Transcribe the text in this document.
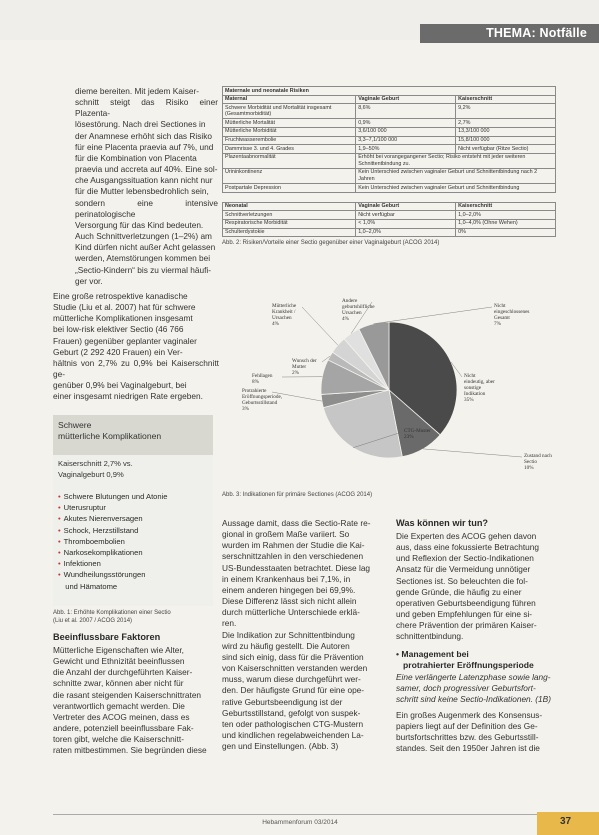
THEMA: Notfälle

dieme bereiten. Mit jedem Kaiser-

schnitt steigt das Risiko einer Plazenta-

lösestörung. Nach drei Sectiones in

der Anamnese erhöht sich das Risiko

für eine Placenta praevia auf 7%, und

für die Kombination von Placenta

praevia und accreta auf 40%. Eine sol-

che Ausgangssituation kann nicht nur

für die Mutter lebensbedrohlich sein,

sondern eine intensive perinatologische

Versorgung für das Kind bedeuten.

Auch Schnittverletzungen (1–2%) am

Kind dürfen nicht außer Acht gelassen

werden, Atemstörungen kommen bei

„Sectio-Kindern“ bis zu viermal häufi-

ger vor.

Maternale und neonatale Risiken		
Maternal	Vaginale Geburt	Kaiserschnitt
Schwere Morbidität und Mortalität insgesamt (Gesamtmorbidität)	8,6%	9,2%
Mütterliche Mortalität	0,9%	2,7%
Mütterliche Morbidität	3,6/100 000	13,3/100 000
Fruchtwasserembolie	3,3–7,1/100 000	15,8/100 000
Dammrisse 3. und 4. Grades	1,9–50%	Nicht verfügbar (Ritze Sectio)
Plazentaabnormalität	Erhöht bei vorangegangener Sectio; Risiko entsteht mit jeder weiteren Schnittentbindung zu.	
Urininkontinenz	Kein Unterschied zwischen vaginaler Geburt und Schnittentbindung nach 2 Jahren	
Postpartale Depression	Kein Unterschied zwischen vaginaler Geburt und Schnittentbindung	

Neonatal	Vaginale Geburt	Kaiserschnitt
Schnittverletzungen	Nicht verfügbar	1,0–2,0%
Respiratorische Morbidität	< 1,0%	1,0–4,0% (Ohne Wehen)
Schulterdystokie	1,0–2,0%	0%
Abb. 2: Risiken/Vorteile einer Sectio gegenüber einer Vaginalgeburt (ACOG 2014)

Eine große retrospektive kanadische

Studie (Liu et al. 2007) hat für schwere

mütterliche Komplikationen insgesamt

bei low-risk elektiver Sectio (46 766

Frauen) gegenüber geplanter vaginaler

Geburt (2 292 420 Frauen) ein Ver-

hältnis von 2,7% zu 0,9% bei Kaiserschnitt ge-

genüber 0,9% bei Vaginalgeburt, bei

einer insgesamt niedrigen Rate ergeben.

Nicht eindeutig, aber sonstige Indikation 35%
Zustand nach Sectio 10%
CTG-Muster 23%
Protrahierte Eröffnungsperiode, Geburtsstillstand 3%
Fehllagen 8%
Wunsch der Mutter 2%
Mütterliche Krankheit / Ursachen 4%
Andere geburtshilfliche Ursachen 4%
Nicht eingeschlossenes Gesamt 7%
Abb. 3: Indikationen für primäre Sectiones (ACOG 2014)
Schwere
mütterliche Komplikationen
Kaiserschnitt 2,7% vs.
Vaginalgeburt 0,9%
• Schwere Blutungen und Atonie
• Uterusruptur
• Akutes Nierenversagen
• Schock, Herzstillstand
• Thromboembolien
• Narkosekomplikationen
• Infektionen
• Wundheilungsstörungen
und Hämatome
Abb. 1: Erhöhte Komplikationen einer Sectio
(Liu et al. 2007 / ACOG 2014)
Beeinflussbare Faktoren

Mütterliche Eigenschaften wie Alter,

Gewicht und Ethnizität beeinflussen

die Anzahl der durchgeführten Kaiser-

schnitte zwar, können aber nicht für

die rasant steigenden Kaiserschnittraten

verantwortlich gemacht werden. Die

Vertreter des ACOG meinen, dass es

andere, potenziell beeinflussbare Fak-

toren gibt, welche die Kaiserschnitt-

raten mitbestimmen. Sie begründen diese

Aussage damit, dass die Sectio-Rate re-

gional in großem Maße variiert. So

wurden im Rahmen der Studie die Kai-

serschnittzahlen in den verschiedenen

US-Bundesstaaten betrachtet. Diese lag

in einem Krankenhaus bei 7,1%, in

einem anderen hingegen bei 69,9%.

Diese Differenz lässt sich nicht allein

durch mütterliche Unterschiede erklä-

ren.

Die Indikation zur Schnittentbindung

wird zu häufig gestellt. Die Autoren

sind sich einig, dass für die Prävention

von Kaiserschnitten verstanden werden

muss, warum diese durchgeführt wer-

den. Der häufigste Grund für eine ope-

rative Geburtsbeendigung ist der

Geburtsstillstand, gefolgt von suspek-

ten oder pathologischen CTG-Mustern

und kindlichen regelabweichenden La-

gen und Einstellungen. (Abb. 3)

Was können wir tun?

Die Experten des ACOG gehen davon

aus, dass eine fokussierte Betrachtung

und Reflexion der Sectio-Indikationen

Ansatz für die Vermeidung unnötiger

Sectiones ist. So beleuchten die fol-

gende Gründe, die häufig zu einer

operativen Geburtsbeendigung führen

und geben Empfehlungen für eine si-

chere Prävention der primären Kaiser-

schnittentbindung.

• Management bei
protrahierter Eröffnungsperiode

Eine verlängerte Latenzphase sowie lang-

samer, doch progressiver Geburtsfort-

schritt sind keine Sectio-Indikationen. (1B)

Ein großes Augenmerk des Konsensus-

papiers liegt auf der Definition des Ge-

burtsfortschrittes bzw. des Geburtsstill-

standes. Seit den 1950er Jahren ist die

Hebammenforum 03/2014	37
